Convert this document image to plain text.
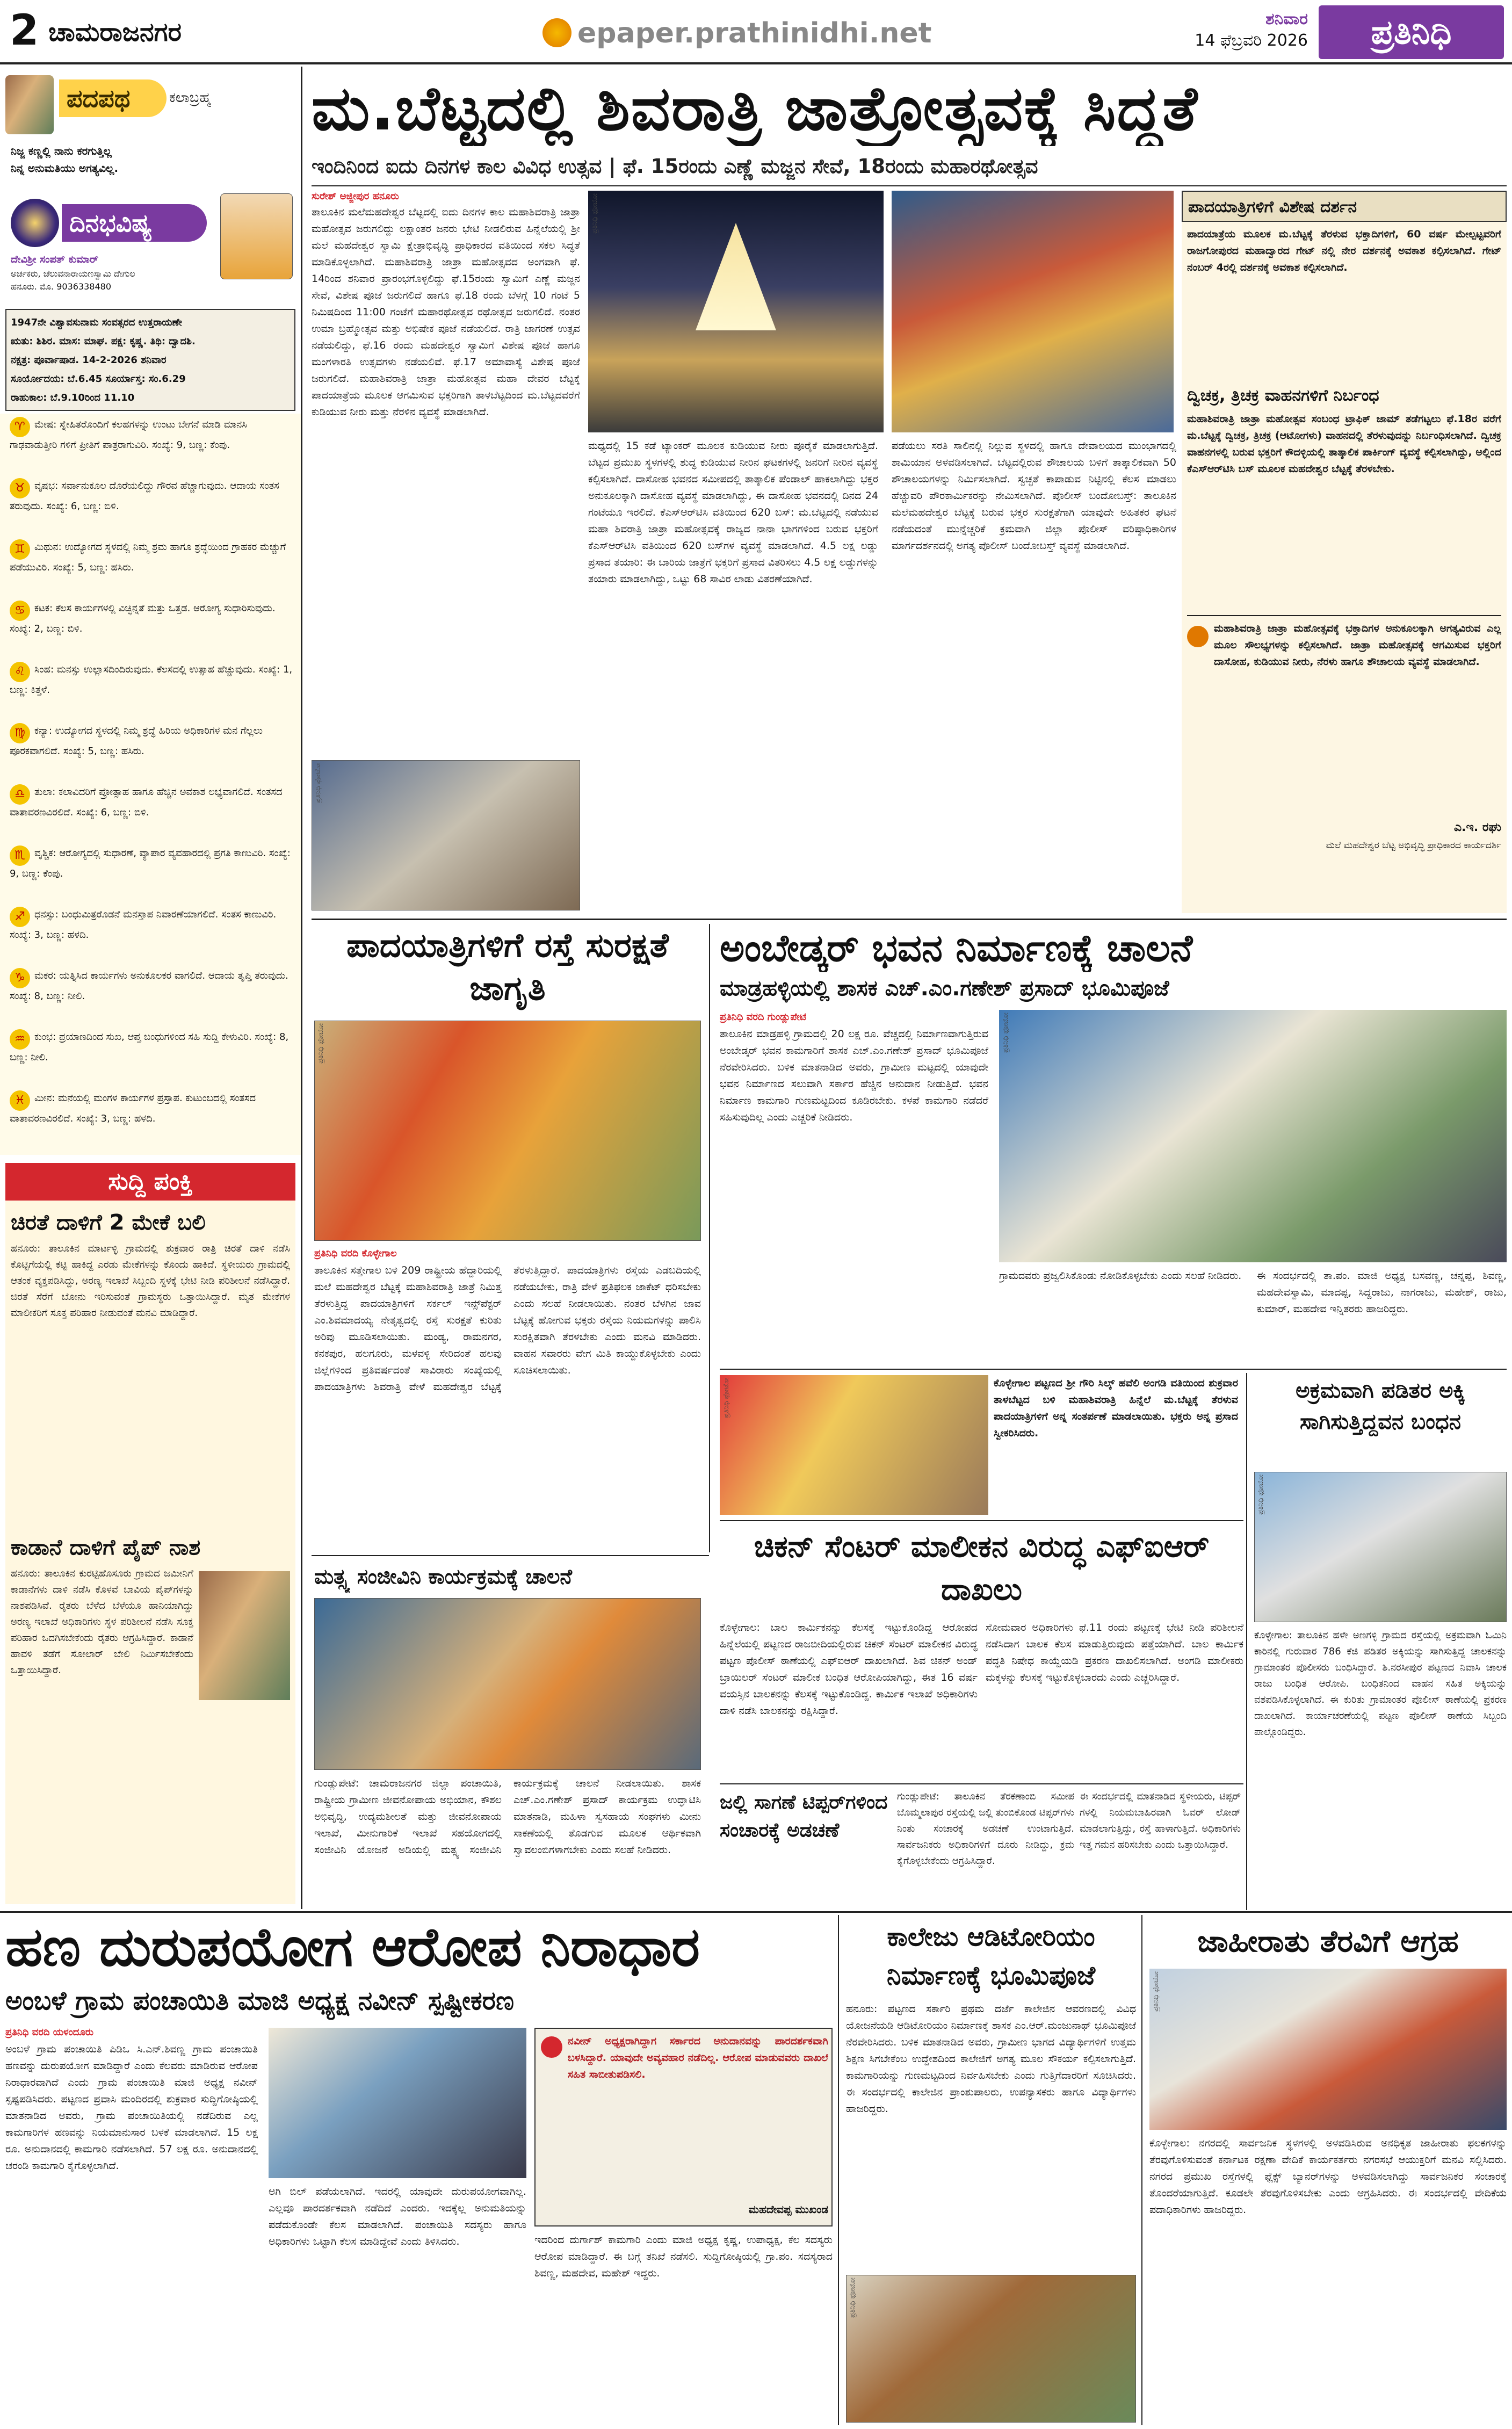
2 ಚಾಮರಾಜನಗರ	epaper.prathinidhi.net	ಶನಿವಾರ
14 ಫೆಬ್ರವರಿ 2026	ಪ್ರತಿನಿಧಿ
ಪದಪಥ	ಕಲಾಬ್ರಹ್ಮ
ನಿಜ್ಜ ಕಣ್ಣಲ್ಲಿ ನಾನು ಕರಗುತ್ತಿಲ್ಲ
ನಿನ್ನ ಅನುಮತಿಯು ಅಗತ್ಯವಿಲ್ಲ.
ದಿನಭವಿಷ್ಯ
ದೇವಿಶ್ರೀ ಸಂಪತ್ ಕುಮಾರ್
ಅರ್ಚಕರು, ಚೆಲುವನಾರಾಯಣಸ್ವಾಮಿ ದೇಗುಲ
ಹನೂರು. ಮೊ. 9036338480
1947ನೇ ವಿಶ್ವಾವಸುನಾಮ ಸಂವತ್ಸರದ ಉತ್ತರಾಯಣೇ
ಋತು: ಶಿಶಿರ. ಮಾಸ: ಮಾಘ. ಪಕ್ಷ: ಕೃಷ್ಣ. ತಿಥಿ: ದ್ವಾದಶಿ.
ನಕ್ಷತ್ರ: ಪೂರ್ವಾಷಾಡ. 14-2-2026 ಶನಿವಾರ
ಸೂರ್ಯೋದಯ: ಬೆ.6.45 ಸೂರ್ಯಾಸ್ತ: ಸಂ.6.29
ರಾಹುಕಾಲ: ಬೆ.9.10ರಿಂದ 11.10
♈ ಮೇಷ: ಸ್ನೇಹಿತರೊಂದಿಗೆ ಕಲಹಗಳನ್ನು ಉಂಟು ಬೇಗನೆ ಮಾಡಿ ಮಾನಸಿ ಗಾಢವಾಡುತ್ತೀರಿ ಗಳಿಗೆ ಪ್ರೀತಿಗೆ ಪಾತ್ರರಾಗುವಿರಿ. ಸಂಖ್ಯೆ: 9, ಬಣ್ಣ: ಕೆಂಪು.
♉ ವೃಷಭ: ಸರ್ವಾನುಕೂಲ ದೊರೆಯಲಿದ್ದು ಗೌರವ ಹೆಚ್ಚಾಗುವುದು. ಆದಾಯ ಸಂತಸ ತರುವುದು. ಸಂಖ್ಯೆ: 6, ಬಣ್ಣ: ಬಿಳಿ.
♊ ಮಿಥುನ: ಉದ್ಯೋಗದ ಸ್ಥಳದಲ್ಲಿ ನಿಮ್ಮ ಶ್ರಮ ಹಾಗೂ ಶ್ರದ್ಧೆಯಿಂದ ಗ್ರಾಹಕರ ಮೆಚ್ಚುಗೆ ಪಡೆಯುವಿರಿ. ಸಂಖ್ಯೆ: 5, ಬಣ್ಣ: ಹಸಿರು.
♋ ಕಟಕ: ಕೆಲಸ ಕಾರ್ಯಗಳಲ್ಲಿ ವಿಚ್ಛಿನ್ನತೆ ಮತ್ತು ಒತ್ತಡ. ಆರೋಗ್ಯ ಸುಧಾರಿಸುವುದು. ಸಂಖ್ಯೆ: 2, ಬಣ್ಣ: ಬಿಳಿ.
♌ ಸಿಂಹ: ಮನಸ್ಸು ಉಲ್ಲಾಸದಿಂದಿರುವುದು. ಕೆಲಸದಲ್ಲಿ ಉತ್ಸಾಹ ಹೆಚ್ಚುವುದು. ಸಂಖ್ಯೆ: 1, ಬಣ್ಣ: ಕಿತ್ತಳೆ.
♍ ಕನ್ಯಾ: ಉದ್ಯೋಗದ ಸ್ಥಳದಲ್ಲಿ ನಿಮ್ಮ ಶ್ರದ್ಧೆ ಹಿರಿಯ ಅಧಿಕಾರಿಗಳ ಮನ ಗೆಲ್ಲಲು ಪೂರಕವಾಗಲಿದೆ. ಸಂಖ್ಯೆ: 5, ಬಣ್ಣ: ಹಸಿರು.
♎ ತುಲಾ: ಕಲಾವಿದರಿಗೆ ಪ್ರೋತ್ಸಾಹ ಹಾಗೂ ಹೆಚ್ಚಿನ ಅವಕಾಶ ಲಭ್ಯವಾಗಲಿದೆ. ಸಂತಸದ ವಾತಾವರಣವಿರಲಿದೆ. ಸಂಖ್ಯೆ: 6, ಬಣ್ಣ: ಬಿಳಿ.
♏ ವೃಶ್ಚಿಕ: ಆರೋಗ್ಯದಲ್ಲಿ ಸುಧಾರಣೆ, ವ್ಯಾಪಾರ ವ್ಯವಹಾರದಲ್ಲಿ ಪ್ರಗತಿ ಕಾಣುವಿರಿ. ಸಂಖ್ಯೆ: 9, ಬಣ್ಣ: ಕೆಂಪು.
♐ ಧನಸ್ಸು: ಬಂಧುಮಿತ್ರರೊಡನೆ ಮನಸ್ತಾಪ ನಿವಾರಣೆಯಾಗಲಿದೆ. ಸಂತಸ ಕಾಣುವಿರಿ. ಸಂಖ್ಯೆ: 3, ಬಣ್ಣ: ಹಳದಿ.
♑ ಮಕರ: ಯತ್ನಿಸಿದ ಕಾರ್ಯಗಳು ಅನುಕೂಲಕರ ವಾಗಲಿದೆ. ಆದಾಯ ತೃಪ್ತಿ ತರುವುದು. ಸಂಖ್ಯೆ: 8, ಬಣ್ಣ: ನೀಲಿ.
♒ ಕುಂಭ: ಪ್ರಯಾಣದಿಂದ ಸುಖ, ಆಪ್ತ ಬಂಧುಗಳಿಂದ ಸಹಿ ಸುದ್ದಿ ಕೇಳುವಿರಿ. ಸಂಖ್ಯೆ: 8, ಬಣ್ಣ: ನೀಲಿ.
♓ ಮೀನ: ಮನೆಯಲ್ಲಿ ಮಂಗಳ ಕಾರ್ಯಗಳ ಪ್ರಸ್ತಾಪ. ಕುಟುಂಬದಲ್ಲಿ ಸಂತಸದ ವಾತಾವರಣವಿರಲಿದೆ. ಸಂಖ್ಯೆ: 3, ಬಣ್ಣ: ಹಳದಿ.
ಸುದ್ದಿ ಪಂಕ್ತಿ
ಚಿರತೆ ದಾಳಿಗೆ 2 ಮೇಕೆ ಬಲಿ
ಹನೂರು: ತಾಲೂಕಿನ ಮಾರ್ಟಳ್ಳಿ ಗ್ರಾಮದಲ್ಲಿ ಶುಕ್ರವಾರ ರಾತ್ರಿ ಚಿರತೆ ದಾಳಿ ನಡೆಸಿ ಕೊಟ್ಟಿಗೆಯಲ್ಲಿ ಕಟ್ಟಿ ಹಾಕಿದ್ದ ಎರಡು ಮೇಕೆಗಳನ್ನು ಕೊಂದು ಹಾಕಿದೆ. ಸ್ಥಳೀಯರು ಗ್ರಾಮದಲ್ಲಿ ಆತಂಕ ವ್ಯಕ್ತಪಡಿಸಿದ್ದು, ಅರಣ್ಯ ಇಲಾಖೆ ಸಿಬ್ಬಂದಿ ಸ್ಥಳಕ್ಕೆ ಭೇಟಿ ನೀಡಿ ಪರಿಶೀಲನೆ ನಡೆಸಿದ್ದಾರೆ. ಚಿರತೆ ಸೆರೆಗೆ ಬೋನು ಇರಿಸುವಂತೆ ಗ್ರಾಮಸ್ಥರು ಒತ್ತಾಯಿಸಿದ್ದಾರೆ. ಮೃತ ಮೇಕೆಗಳ ಮಾಲೀಕರಿಗೆ ಸೂಕ್ತ ಪರಿಹಾರ ನೀಡುವಂತೆ ಮನವಿ ಮಾಡಿದ್ದಾರೆ.
ಕಾಡಾನೆ ದಾಳಿಗೆ ಪೈಪ್ ನಾಶ
ಹನೂರು: ತಾಲೂಕಿನ ಕುರಟ್ಟಿಹೊಸೂರು ಗ್ರಾಮದ ಜಮೀನಿಗೆ ಕಾಡಾನೆಗಳು ದಾಳಿ ನಡೆಸಿ ಕೊಳವೆ ಬಾವಿಯ ಪೈಪ್‌ಗಳನ್ನು ನಾಶಪಡಿಸಿವೆ. ರೈತರು ಬೆಳೆದ ಬೆಳೆಯೂ ಹಾನಿಯಾಗಿದ್ದು ಅರಣ್ಯ ಇಲಾಖೆ ಅಧಿಕಾರಿಗಳು ಸ್ಥಳ ಪರಿಶೀಲನೆ ನಡೆಸಿ ಸೂಕ್ತ ಪರಿಹಾರ ಒದಗಿಸಬೇಕೆಂದು ರೈತರು ಆಗ್ರಹಿಸಿದ್ದಾರೆ. ಕಾಡಾನೆ ಹಾವಳಿ ತಡೆಗೆ ಸೋಲಾರ್ ಬೇಲಿ ನಿರ್ಮಿಸಬೇಕೆಂದು ಒತ್ತಾಯಿಸಿದ್ದಾರೆ.
ಮ.ಬೆಟ್ಟದಲ್ಲಿ ಶಿವರಾತ್ರಿ ಜಾತ್ರೋತ್ಸವಕ್ಕೆ ಸಿದ್ಧತೆ
ಇಂದಿನಿಂದ ಐದು ದಿನಗಳ ಕಾಲ ವಿವಿಧ ಉತ್ಸವ | ಫೆ. 15ರಂದು ಎಣ್ಣೆ ಮಜ್ಜನ ಸೇವೆ, 18ರಂದು ಮಹಾರಥೋತ್ಸವ
ಸುರೇಶ್ ಅಜ್ಜೀಪುರ ಹನೂರು
ತಾಲೂಕಿನ ಮಲೆಮಹದೇಶ್ವರ ಬೆಟ್ಟದಲ್ಲಿ ಐದು ದಿನಗಳ ಕಾಲ ಮಹಾಶಿವರಾತ್ರಿ ಜಾತ್ರಾ ಮಹೋತ್ಸವ ಜರುಗಲಿದ್ದು ಲಕ್ಷಾಂತರ ಜನರು ಭೇಟಿ ನೀಡಲಿರುವ ಹಿನ್ನೆಲೆಯಲ್ಲಿ ಶ್ರೀ ಮಲೆ ಮಹದೇಶ್ವರ ಸ್ವಾಮಿ ಕ್ಷೇತ್ರಾಭಿವೃದ್ಧಿ ಪ್ರಾಧಿಕಾರದ ವತಿಯಿಂದ ಸಕಲ ಸಿದ್ಧತೆ ಮಾಡಿಕೊಳ್ಳಲಾಗಿದೆ. ಮಹಾಶಿವರಾತ್ರಿ ಜಾತ್ರಾ ಮಹೋತ್ಸವದ ಅಂಗವಾಗಿ ಫೆ. 14ರಿಂದ ಶನಿವಾರ ಪ್ರಾರಂಭಗೊಳ್ಳಲಿದ್ದು ಫೆ.15ರಂದು ಸ್ವಾಮಿಗೆ ಎಣ್ಣೆ ಮಜ್ಜನ ಸೇವೆ, ವಿಶೇಷ ಪೂಜೆ ಜರುಗಲಿದೆ ಹಾಗೂ ಫೆ.18 ರಂದು ಬೆಳಗ್ಗೆ 10 ಗಂಟೆ 5 ನಿಮಿಷದಿಂದ 11:00 ಗಂಟೆಗೆ ಮಹಾರಥೋತ್ಸವ ರಥೋತ್ಸವ ಜರುಗಲಿದೆ. ನಂತರ ಉಮಾ ಬ್ರಹ್ಮೋತ್ಸವ ಮತ್ತು ಅಭಿಷೇಕ ಪೂಜೆ ನಡೆಯಲಿದೆ. ರಾತ್ರಿ ಜಾಗರಣೆ ಉತ್ಸವ ನಡೆಯಲಿದ್ದು, ಫೆ.16 ರಂದು ಮಹದೇಶ್ವರ ಸ್ವಾಮಿಗೆ ವಿಶೇಷ ಪೂಜೆ ಹಾಗೂ ಮಂಗಳಾರತಿ ಉತ್ಸವಗಳು ನಡೆಯಲಿವೆ. ಫೆ.17 ಅಮಾವಾಸ್ಯೆ ವಿಶೇಷ ಪೂಜೆ ಜರುಗಲಿದೆ. ಮಹಾಶಿವರಾತ್ರಿ ಜಾತ್ರಾ ಮಹೋತ್ಸವ ಮಹಾ ದೇವರ ಬೆಟ್ಟಕ್ಕೆ ಪಾದಯಾತ್ರೆಯ ಮೂಲಕ ಆಗಮಿಸುವ ಭಕ್ತರಿಗಾಗಿ ತಾಳಬೆಟ್ಟದಿಂದ ಮ.ಬೆಟ್ಟದವರೆಗೆ ಕುಡಿಯುವ ನೀರು ಮತ್ತು ನೆರಳಿನ ವ್ಯವಸ್ಥೆ ಮಾಡಲಾಗಿದೆ.
ಮಧ್ಯದಲ್ಲಿ 15 ಕಡೆ ಟ್ಯಾಂಕರ್ ಮೂಲಕ ಕುಡಿಯುವ ನೀರು ಪೂರೈಕೆ ಮಾಡಲಾಗುತ್ತಿದೆ. ಬೆಟ್ಟದ ಪ್ರಮುಖ ಸ್ಥಳಗಳಲ್ಲಿ ಶುದ್ಧ ಕುಡಿಯುವ ನೀರಿನ ಘಟಕಗಳಲ್ಲಿ ಜನರಿಗೆ ನೀರಿನ ವ್ಯವಸ್ಥೆ ಕಲ್ಪಿಸಲಾಗಿದೆ. ದಾಸೋಹ ಭವನದ ಸಮೀಪದಲ್ಲಿ ತಾತ್ಕಾಲಿಕ ಪೆಂಡಾಲ್ ಹಾಕಲಾಗಿದ್ದು ಭಕ್ತರ ಅನುಕೂಲಕ್ಕಾಗಿ ದಾಸೋಹ ವ್ಯವಸ್ಥೆ ಮಾಡಲಾಗಿದ್ದು, ಈ ದಾಸೋಹ ಭವನದಲ್ಲಿ ದಿನದ 24 ಗಂಟೆಯೂ ಇರಲಿದೆ. ಕೆಎಸ್‌ಆರ್‌ಟಿಸಿ ವತಿಯಿಂದ 620 ಬಸ್: ಮ.ಬೆಟ್ಟದಲ್ಲಿ ನಡೆಯುವ ಮಹಾ ಶಿವರಾತ್ರಿ ಜಾತ್ರಾ ಮಹೋತ್ಸವಕ್ಕೆ ರಾಜ್ಯದ ನಾನಾ ಭಾಗಗಳಿಂದ ಬರುವ ಭಕ್ತರಿಗೆ ಕೆಎಸ್‌ಆರ್‌ಟಿಸಿ ವತಿಯಿಂದ 620 ಬಸ್‌ಗಳ ವ್ಯವಸ್ಥೆ ಮಾಡಲಾಗಿದೆ. 4.5 ಲಕ್ಷ ಲಡ್ಡು ಪ್ರಸಾದ ತಯಾರಿ: ಈ ಬಾರಿಯ ಜಾತ್ರೆಗೆ ಭಕ್ತರಿಗೆ ಪ್ರಸಾದ ವಿತರಿಸಲು 4.5 ಲಕ್ಷ ಲಡ್ಡುಗಳನ್ನು ತಯಾರು ಮಾಡಲಾಗಿದ್ದು, ಒಟ್ಟು 68 ಸಾವಿರ ಲಾಡು ವಿತರಣೆಯಾಗಿದೆ.
ಪಡೆಯಲು ಸರತಿ ಸಾಲಿನಲ್ಲಿ ನಿಲ್ಲುವ ಸ್ಥಳದಲ್ಲಿ ಹಾಗೂ ದೇವಾಲಯದ ಮುಂಭಾಗದಲ್ಲಿ ಶಾಮಿಯಾನ ಅಳವಡಿಸಲಾಗಿದೆ. ಬೆಟ್ಟದಲ್ಲಿರುವ ಶೌಚಾಲಯ ಬಳಿಗೆ ತಾತ್ಕಾಲಿಕವಾಗಿ 50 ಶೌಚಾಲಯಗಳನ್ನು ನಿರ್ಮಿಸಲಾಗಿದೆ. ಸ್ವಚ್ಛತೆ ಕಾಪಾಡುವ ನಿಟ್ಟಿನಲ್ಲಿ ಕೆಲಸ ಮಾಡಲು ಹೆಚ್ಚುವರಿ ಪೌರಕಾರ್ಮಿಕರನ್ನು ನೇಮಿಸಲಾಗಿದೆ. ಪೊಲೀಸ್ ಬಂದೋಬಸ್ತ್: ತಾಲೂಕಿನ ಮಲೆಮಹದೇಶ್ವರ ಬೆಟ್ಟಕ್ಕೆ ಬರುವ ಭಕ್ತರ ಸುರಕ್ಷತೆಗಾಗಿ ಯಾವುದೇ ಅಹಿತಕರ ಘಟನೆ ನಡೆಯದಂತೆ ಮುನ್ನೆಚ್ಚರಿಕೆ ಕ್ರಮವಾಗಿ ಜಿಲ್ಲಾ ಪೊಲೀಸ್ ವರಿಷ್ಠಾಧಿಕಾರಿಗಳ ಮಾರ್ಗದರ್ಶನದಲ್ಲಿ ಅಗತ್ಯ ಪೊಲೀಸ್ ಬಂದೋಬಸ್ತ್ ವ್ಯವಸ್ಥೆ ಮಾಡಲಾಗಿದೆ.
ಪಾದಯಾತ್ರಿಗಳಿಗೆ ವಿಶೇಷ ದರ್ಶನ
ಪಾದಯಾತ್ರೆಯ ಮೂಲಕ ಮ.ಬೆಟ್ಟಕ್ಕೆ ತೆರಳುವ ಭಕ್ತಾದಿಗಳಿಗೆ, 60 ವರ್ಷ ಮೇಲ್ಪಟ್ಟವರಿಗೆ ರಾಜಗೋಪುರದ ಮಹಾದ್ವಾರದ ಗೇಟ್ ನಲ್ಲಿ ನೇರ ದರ್ಶನಕ್ಕೆ ಅವಕಾಶ ಕಲ್ಪಿಸಲಾಗಿದೆ. ಗೇಟ್ ನಂಬರ್ 4ರಲ್ಲಿ ದರ್ಶನಕ್ಕೆ ಅವಕಾಶ ಕಲ್ಪಿಸಲಾಗಿದೆ.
ದ್ವಿಚಕ್ರ, ತ್ರಿಚಕ್ರ ವಾಹನಗಳಿಗೆ ನಿರ್ಬಂಧ
ಮಹಾಶಿವರಾತ್ರಿ ಜಾತ್ರಾ ಮಹೋತ್ಸವ ಸಂಬಂಧ ಟ್ರಾಫಿಕ್ ಜಾಮ್ ತಡೆಗಟ್ಟಲು ಫೆ.18ರ ವರೆಗೆ ಮ.ಬೆಟ್ಟಕ್ಕೆ ದ್ವಿಚಕ್ರ, ತ್ರಿಚಕ್ರ (ಆಟೋಗಳು) ವಾಹನದಲ್ಲಿ ತೆರಳುವುದನ್ನು ನಿರ್ಬಂಧಿಸಲಾಗಿದೆ. ದ್ವಿಚಕ್ರ ವಾಹನಗಳಲ್ಲಿ ಬರುವ ಭಕ್ತರಿಗೆ ಕೌದಳ್ಳಿಯಲ್ಲಿ ತಾತ್ಕಾಲಿಕ ಪಾರ್ಕಿಂಗ್ ವ್ಯವಸ್ಥೆ ಕಲ್ಪಿಸಲಾಗಿದ್ದು, ಅಲ್ಲಿಂದ ಕೆಎಸ್‌ಆರ್‌ಟಿಸಿ ಬಸ್ ಮೂಲಕ ಮಹದೇಶ್ವರ ಬೆಟ್ಟಕ್ಕೆ ತೆರಳಬೇಕು.
ಮಹಾಶಿವರಾತ್ರಿ ಜಾತ್ರಾ ಮಹೋತ್ಸವಕ್ಕೆ ಭಕ್ತಾದಿಗಳ ಅನುಕೂಲಕ್ಕಾಗಿ ಅಗತ್ಯವಿರುವ ಎಲ್ಲ ಮೂಲ ಸೌಲಭ್ಯಗಳನ್ನು ಕಲ್ಪಿಸಲಾಗಿದೆ. ಜಾತ್ರಾ ಮಹೋತ್ಸವಕ್ಕೆ ಆಗಮಿಸುವ ಭಕ್ತರಿಗೆ ದಾಸೋಹ, ಕುಡಿಯುವ ನೀರು, ನೆರಳು ಹಾಗೂ ಶೌಚಾಲಯ ವ್ಯವಸ್ಥೆ ಮಾಡಲಾಗಿದೆ.
ಎ.ಇ. ರಘು
ಮಲೆ ಮಹದೇಶ್ವರ ಬೆಟ್ಟ ಅಭಿವೃದ್ಧಿ ಪ್ರಾಧಿಕಾರದ ಕಾರ್ಯದರ್ಶಿ
ಪಾದಯಾತ್ರಿಗಳಿಗೆ ರಸ್ತೆ ಸುರಕ್ಷತೆ ಜಾಗೃತಿ
ಪ್ರತಿನಿಧಿ ವರದಿ ಕೊಳ್ಳೇಗಾಲ
ತಾಲೂಕಿನ ಸತ್ತೇಗಾಲ ಬಳಿ 209 ರಾಷ್ಟ್ರೀಯ ಹೆದ್ದಾರಿಯಲ್ಲಿ ಮಲೆ ಮಹದೇಶ್ವರ ಬೆಟ್ಟಕ್ಕೆ ಮಹಾಶಿವರಾತ್ರಿ ಜಾತ್ರೆ ನಿಮಿತ್ತ ತೆರಳುತ್ತಿದ್ದ ಪಾದಯಾತ್ರಿಗಳಿಗೆ ಸರ್ಕಲ್ ಇನ್ಸ್‌ಪೆಕ್ಟರ್ ಎಂ.ಶಿವಮಾದಯ್ಯ ನೇತೃತ್ವದಲ್ಲಿ ರಸ್ತೆ ಸುರಕ್ಷತೆ ಕುರಿತು ಅರಿವು ಮೂಡಿಸಲಾಯಿತು. ಮಂಡ್ಯ, ರಾಮನಗರ, ಕನಕಪುರ, ಹಲಗೂರು, ಮಳವಳ್ಳಿ ಸೇರಿದಂತೆ ಹಲವು ಜಿಲ್ಲೆಗಳಿಂದ ಪ್ರತಿವರ್ಷದಂತೆ ಸಾವಿರಾರು ಸಂಖ್ಯೆಯಲ್ಲಿ ಪಾದಯಾತ್ರಿಗಳು ಶಿವರಾತ್ರಿ ವೇಳೆ ಮಹದೇಶ್ವರ ಬೆಟ್ಟಕ್ಕೆ ತೆರಳುತ್ತಿದ್ದಾರೆ. ಪಾದಯಾತ್ರಿಗಳು ರಸ್ತೆಯ ಎಡಬದಿಯಲ್ಲಿ ನಡೆಯಬೇಕು, ರಾತ್ರಿ ವೇಳೆ ಪ್ರತಿಫಲಕ ಜಾಕೆಟ್ ಧರಿಸಬೇಕು ಎಂದು ಸಲಹೆ ನೀಡಲಾಯಿತು. ನಂತರ ಬೆಳಗಿನ ಜಾವ ಬೆಟ್ಟಕ್ಕೆ ಹೋಗುವ ಭಕ್ತರು ರಸ್ತೆಯ ನಿಯಮಗಳನ್ನು ಪಾಲಿಸಿ ಸುರಕ್ಷಿತವಾಗಿ ತೆರಳಬೇಕು ಎಂದು ಮನವಿ ಮಾಡಿದರು. ವಾಹನ ಸವಾರರು ವೇಗ ಮಿತಿ ಕಾಯ್ದುಕೊಳ್ಳಬೇಕು ಎಂದು ಸೂಚಿಸಲಾಯಿತು.
ಮತ್ಸ್ಯ ಸಂಜೀವಿನಿ ಕಾರ್ಯಕ್ರಮಕ್ಕೆ ಚಾಲನೆ
ಗುಂಡ್ಲುಪೇಟೆ: ಚಾಮರಾಜನಗರ ಜಿಲ್ಲಾ ಪಂಚಾಯಿತಿ, ರಾಷ್ಟ್ರೀಯ ಗ್ರಾಮೀಣ ಜೀವನೋಪಾಯ ಅಭಿಯಾನ, ಕೌಶಲ ಅಭಿವೃದ್ಧಿ, ಉದ್ಯಮಶೀಲತೆ ಮತ್ತು ಜೀವನೋಪಾಯ ಇಲಾಖೆ, ಮೀನುಗಾರಿಕೆ ಇಲಾಖೆ ಸಹಯೋಗದಲ್ಲಿ ಸಂಜೀವಿನಿ ಯೋಜನೆ ಅಡಿಯಲ್ಲಿ ಮತ್ಸ್ಯ ಸಂಜೀವಿನಿ ಕಾರ್ಯಕ್ರಮಕ್ಕೆ ಚಾಲನೆ ನೀಡಲಾಯಿತು. ಶಾಸಕ ಎಚ್.ಎಂ.ಗಣೇಶ್ ಪ್ರಸಾದ್ ಕಾರ್ಯಕ್ರಮ ಉದ್ಘಾಟಿಸಿ ಮಾತನಾಡಿ, ಮಹಿಳಾ ಸ್ವಸಹಾಯ ಸಂಘಗಳು ಮೀನು ಸಾಕಣೆಯಲ್ಲಿ ತೊಡಗುವ ಮೂಲಕ ಆರ್ಥಿಕವಾಗಿ ಸ್ವಾವಲಂಬಿಗಳಾಗಬೇಕು ಎಂದು ಸಲಹೆ ನೀಡಿದರು.
ಅಂಬೇಡ್ಕರ್ ಭವನ ನಿರ್ಮಾಣಕ್ಕೆ ಚಾಲನೆ
ಮಾಡ್ರಹಳ್ಳಿಯಲ್ಲಿ ಶಾಸಕ ಎಚ್.ಎಂ.ಗಣೇಶ್ ಪ್ರಸಾದ್ ಭೂಮಿಪೂಜೆ
ಪ್ರತಿನಿಧಿ ವರದಿ ಗುಂಡ್ಲುಪೇಟೆ
ತಾಲೂಕಿನ ಮಾಡ್ರಹಳ್ಳಿ ಗ್ರಾಮದಲ್ಲಿ 20 ಲಕ್ಷ ರೂ. ವೆಚ್ಚದಲ್ಲಿ ನಿರ್ಮಾಣವಾಗುತ್ತಿರುವ ಅಂಬೇಡ್ಕರ್ ಭವನ ಕಾಮಗಾರಿಗೆ ಶಾಸಕ ಎಚ್.ಎಂ.ಗಣೇಶ್ ಪ್ರಸಾದ್ ಭೂಮಿಪೂಜೆ ನೆರವೇರಿಸಿದರು. ಬಳಿಕ ಮಾತನಾಡಿದ ಅವರು, ಗ್ರಾಮೀಣ ಮಟ್ಟದಲ್ಲಿ ಯಾವುದೇ ಭವನ ನಿರ್ಮಾಣದ ಸಲುವಾಗಿ ಸರ್ಕಾರ ಹೆಚ್ಚಿನ ಅನುದಾನ ನೀಡುತ್ತಿದೆ. ಭವನ ನಿರ್ಮಾಣ ಕಾಮಗಾರಿ ಗುಣಮಟ್ಟದಿಂದ ಕೂಡಿರಬೇಕು. ಕಳಪೆ ಕಾಮಗಾರಿ ನಡೆದರೆ ಸಹಿಸುವುದಿಲ್ಲ ಎಂದು ಎಚ್ಚರಿಕೆ ನೀಡಿದರು.
ಗ್ರಾಮದವರು ಪ್ರಜ್ವಲಿಸಿಕೊಂಡು ನೋಡಿಕೊಳ್ಳಬೇಕು ಎಂದು ಸಲಹೆ ನೀಡಿದರು.	ಈ ಸಂದರ್ಭದಲ್ಲಿ ತಾ.ಪಂ. ಮಾಜಿ ಅಧ್ಯಕ್ಷ ಬಸವಣ್ಣ, ಚನ್ನಪ್ಪ, ಶಿವಣ್ಣ, ಮಹದೇವಸ್ವಾಮಿ, ಮಾದಪ್ಪ, ಸಿದ್ದರಾಜು, ನಾಗರಾಜು, ಮಹೇಶ್, ರಾಜು, ಕುಮಾರ್, ಮಹದೇವ ಇನ್ನಿತರರು ಹಾಜರಿದ್ದರು.
ಕೊಳ್ಳೇಗಾಲ ಪಟ್ಟಣದ ಶ್ರೀ ಗೌರಿ ಸಿಲ್ಕ್ ಹವೆಲಿ ಅಂಗಡಿ ವತಿಯಿಂದ ಶುಕ್ರವಾರ ತಾಳಬೆಟ್ಟದ ಬಳಿ ಮಹಾಶಿವರಾತ್ರಿ ಹಿನ್ನೆಲೆ ಮ.ಬೆಟ್ಟಕ್ಕೆ ತೆರಳುವ ಪಾದಯಾತ್ರಿಗಳಿಗೆ ಅನ್ನ ಸಂತರ್ಪಣೆ ಮಾಡಲಾಯಿತು. ಭಕ್ತರು ಅನ್ನ ಪ್ರಸಾದ ಸ್ವೀಕರಿಸಿದರು.
ಅಕ್ರಮವಾಗಿ ಪಡಿತರ ಅಕ್ಕಿ ಸಾಗಿಸುತ್ತಿದ್ದವನ ಬಂಧನ
ಕೊಳ್ಳೇಗಾಲ: ತಾಲೂಕಿನ ಹಳೇ ಅಣಗಳ್ಳಿ ಗ್ರಾಮದ ರಸ್ತೆಯಲ್ಲಿ ಅಕ್ರಮವಾಗಿ ಓಮಿನಿ ಕಾರಿನಲ್ಲಿ ಗುರುವಾರ 786 ಕೆಜಿ ಪಡಿತರ ಅಕ್ಕಿಯನ್ನು ಸಾಗಿಸುತ್ತಿದ್ದ ಚಾಲಕನನ್ನು ಗ್ರಾಮಾಂತರ ಪೊಲೀಸರು ಬಂಧಿಸಿದ್ದಾರೆ. ಶಿ.ನರಸೀಪುರ ಪಟ್ಟಣದ ನಿವಾಸಿ ಚಾಲಕ ರಾಜು ಬಂಧಿತ ಆರೋಪಿ. ಬಂಧಿತನಿಂದ ವಾಹನ ಸಹಿತ ಅಕ್ಕಿಯನ್ನು ವಶಪಡಿಸಿಕೊಳ್ಳಲಾಗಿದೆ. ಈ ಕುರಿತು ಗ್ರಾಮಾಂತರ ಪೊಲೀಸ್ ಠಾಣೆಯಲ್ಲಿ ಪ್ರಕರಣ ದಾಖಲಾಗಿದೆ. ಕಾರ್ಯಾಚರಣೆಯಲ್ಲಿ ಪಟ್ಟಣ ಪೊಲೀಸ್ ಠಾಣೆಯ ಸಿಬ್ಬಂದಿ ಪಾಲ್ಗೊಂಡಿದ್ದರು.
ಚಿಕನ್ ಸೆಂಟರ್ ಮಾಲೀಕನ ವಿರುದ್ಧ ಎಫ್‌ಐಆರ್ ದಾಖಲು
ಕೊಳ್ಳೇಗಾಲ: ಬಾಲ ಕಾರ್ಮಿಕನನ್ನು ಕೆಲಸಕ್ಕೆ ಇಟ್ಟುಕೊಂಡಿದ್ದ ಆರೋಪದ ಹಿನ್ನೆಲೆಯಲ್ಲಿ ಪಟ್ಟಣದ ರಾಜಬೀದಿಯಲ್ಲಿರುವ ಚಿಕನ್ ಸೆಂಟರ್ ಮಾಲೀಕನ ವಿರುದ್ಧ ಪಟ್ಟಣ ಪೊಲೀಸ್ ಠಾಣೆಯಲ್ಲಿ ಎಫ್‌ಐಆರ್ ದಾಖಲಾಗಿದೆ. ಶಿವ ಚಿಕನ್ ಅಂಡ್ ಬ್ರಾಯಿಲರ್ ಸೆಂಟರ್ ಮಾಲೀಕ ಬಂಧಿತ ಆರೋಪಿಯಾಗಿದ್ದು, ಈತ 16 ವರ್ಷ ವಯಸ್ಸಿನ ಬಾಲಕನನ್ನು ಕೆಲಸಕ್ಕೆ ಇಟ್ಟುಕೊಂಡಿದ್ದ. ಕಾರ್ಮಿಕ ಇಲಾಖೆ ಅಧಿಕಾರಿಗಳು ದಾಳಿ ನಡೆಸಿ ಬಾಲಕನನ್ನು ರಕ್ಷಿಸಿದ್ದಾರೆ.
ಸೋಮವಾರ ಅಧಿಕಾರಿಗಳು ಫೆ.11 ರಂದು ಪಟ್ಟಣಕ್ಕೆ ಭೇಟಿ ನೀಡಿ ಪರಿಶೀಲನೆ ನಡೆಸಿದಾಗ ಬಾಲಕ ಕೆಲಸ ಮಾಡುತ್ತಿರುವುದು ಪತ್ತೆಯಾಗಿದೆ. ಬಾಲ ಕಾರ್ಮಿಕ ಪದ್ಧತಿ ನಿಷೇಧ ಕಾಯ್ದೆಯಡಿ ಪ್ರಕರಣ ದಾಖಲಿಸಲಾಗಿದೆ. ಅಂಗಡಿ ಮಾಲೀಕರು ಮಕ್ಕಳನ್ನು ಕೆಲಸಕ್ಕೆ ಇಟ್ಟುಕೊಳ್ಳಬಾರದು ಎಂದು ಎಚ್ಚರಿಸಿದ್ದಾರೆ.
ಜಲ್ಲಿ ಸಾಗಣೆ ಟಿಪ್ಪರ್‌ಗಳಿಂದ ಸಂಚಾರಕ್ಕೆ ಅಡಚಣೆ
ಗುಂಡ್ಲುಪೇಟೆ: ತಾಲೂಕಿನ ತೆರಕಣಾಂಬಿ ಸಮೀಪ ಬೊಮ್ಮಲಾಪುರ ರಸ್ತೆಯಲ್ಲಿ ಜಲ್ಲಿ ತುಂಬಿಕೊಂಡ ಟಿಪ್ಪರ್‌ಗಳು ನಿಂತು ಸಂಚಾರಕ್ಕೆ ಅಡಚಣೆ ಉಂಟಾಗುತ್ತಿದೆ. ಸಾರ್ವಜನಿಕರು ಅಧಿಕಾರಿಗಳಿಗೆ ದೂರು ನೀಡಿದ್ದು, ಕ್ರಮ ಕೈಗೊಳ್ಳಬೇಕೆಂದು ಆಗ್ರಹಿಸಿದ್ದಾರೆ.
ಈ ಸಂದರ್ಭದಲ್ಲಿ ಮಾತನಾಡಿದ ಸ್ಥಳೀಯರು, ಟಿಪ್ಪರ್ ಗಳಲ್ಲಿ ನಿಯಮಬಾಹಿರವಾಗಿ ಓವರ್ ಲೋಡ್ ಮಾಡಲಾಗುತ್ತಿದ್ದು, ರಸ್ತೆ ಹಾಳಾಗುತ್ತಿದೆ. ಅಧಿಕಾರಿಗಳು ಇತ್ತ ಗಮನ ಹರಿಸಬೇಕು ಎಂದು ಒತ್ತಾಯಿಸಿದ್ದಾರೆ.
ಹಣ ದುರುಪಯೋಗ ಆರೋಪ ನಿರಾಧಾರ
ಅಂಬಳೆ ಗ್ರಾಮ ಪಂಚಾಯಿತಿ ಮಾಜಿ ಅಧ್ಯಕ್ಷ ನವೀನ್ ಸ್ಪಷ್ಟೀಕರಣ
ಪ್ರತಿನಿಧಿ ವರದಿ ಯಳಂದೂರು
ಅಂಬಳೆ ಗ್ರಾಮ ಪಂಚಾಯಿತಿ ಪಿಡಿಒ ಸಿ.ಎನ್.ಶಿವಣ್ಣ ಗ್ರಾಮ ಪಂಚಾಯಿತಿ ಹಣವನ್ನು ದುರುಪಯೋಗ ಮಾಡಿದ್ದಾರೆ ಎಂದು ಕೆಲವರು ಮಾಡಿರುವ ಆರೋಪ ನಿರಾಧಾರವಾಗಿದೆ ಎಂದು ಗ್ರಾಮ ಪಂಚಾಯಿತಿ ಮಾಜಿ ಅಧ್ಯಕ್ಷ ನವೀನ್ ಸ್ಪಷ್ಟಪಡಿಸಿದರು. ಪಟ್ಟಣದ ಪ್ರವಾಸಿ ಮಂದಿರದಲ್ಲಿ ಶುಕ್ರವಾರ ಸುದ್ದಿಗೋಷ್ಠಿಯಲ್ಲಿ ಮಾತನಾಡಿದ ಅವರು, ಗ್ರಾಮ ಪಂಚಾಯಿತಿಯಲ್ಲಿ ನಡೆದಿರುವ ಎಲ್ಲ ಕಾಮಗಾರಿಗಳ ಹಣವನ್ನು ನಿಯಮಾನುಸಾರ ಬಳಕೆ ಮಾಡಲಾಗಿದೆ. 15 ಲಕ್ಷ ರೂ. ಅನುದಾನದಲ್ಲಿ ಕಾಮಗಾರಿ ನಡೆಸಲಾಗಿದೆ. 57 ಲಕ್ಷ ರೂ. ಅನುದಾನದಲ್ಲಿ ಚರಂಡಿ ಕಾಮಗಾರಿ ಕೈಗೊಳ್ಳಲಾಗಿದೆ.
ಅಗಿ ಬಿಲ್ ಪಡೆಯಲಾಗಿದೆ. ಇದರಲ್ಲಿ ಯಾವುದೇ ದುರುಪಯೋಗವಾಗಿಲ್ಲ. ಎಲ್ಲವೂ ಪಾರದರ್ಶಕವಾಗಿ ನಡೆದಿದೆ ಎಂದರು. ಇದಕ್ಕೆಲ್ಲ ಅನುಮತಿಯನ್ನು ಪಡೆದುಕೊಂಡೇ ಕೆಲಸ ಮಾಡಲಾಗಿದೆ. ಪಂಚಾಯಿತಿ ಸದಸ್ಯರು ಹಾಗೂ ಅಧಿಕಾರಿಗಳು ಒಟ್ಟಾಗಿ ಕೆಲಸ ಮಾಡಿದ್ದೇವೆ ಎಂದು ತಿಳಿಸಿದರು.
ನವೀನ್ ಅಧ್ಯಕ್ಷರಾಗಿದ್ದಾಗ ಸರ್ಕಾರದ ಅನುದಾನವನ್ನು ಪಾರದರ್ಶಕವಾಗಿ ಬಳಸಿದ್ದಾರೆ. ಯಾವುದೇ ಅವ್ಯವಹಾರ ನಡೆದಿಲ್ಲ. ಆರೋಪ ಮಾಡುವವರು ದಾಖಲೆ ಸಹಿತ ಸಾಬೀತುಪಡಿಸಲಿ.
ಮಹದೇವಪ್ಪ ಮುಖಂಡ
ಇದರಿಂದ ದುರ್ಗಾಶ್ ಕಾಮಗಾರಿ ಎಂದು ಮಾಜಿ ಅಧ್ಯಕ್ಷ ಕೃಷ್ಣ, ಉಪಾಧ್ಯಕ್ಷ, ಕೆಲ ಸದಸ್ಯರು ಆರೋಪ ಮಾಡಿದ್ದಾರೆ. ಈ ಬಗ್ಗೆ ತನಿಖೆ ನಡೆಸಲಿ. ಸುದ್ದಿಗೋಷ್ಠಿಯಲ್ಲಿ ಗ್ರಾ.ಪಂ. ಸದಸ್ಯರಾದ ಶಿವಣ್ಣ, ಮಹದೇವ, ಮಹೇಶ್ ಇದ್ದರು.
ಕಾಲೇಜು ಆಡಿಟೋರಿಯಂ ನಿರ್ಮಾಣಕ್ಕೆ ಭೂಮಿಪೂಜೆ
ಹನೂರು: ಪಟ್ಟಣದ ಸರ್ಕಾರಿ ಪ್ರಥಮ ದರ್ಜೆ ಕಾಲೇಜಿನ ಆವರಣದಲ್ಲಿ ವಿವಿಧ ಯೋಜನೆಯಡಿ ಆಡಿಟೋರಿಯಂ ನಿರ್ಮಾಣಕ್ಕೆ ಶಾಸಕ ಎಂ.ಆರ್.ಮಂಜುನಾಥ್ ಭೂಮಿಪೂಜೆ ನೆರವೇರಿಸಿದರು. ಬಳಿಕ ಮಾತನಾಡಿದ ಅವರು, ಗ್ರಾಮೀಣ ಭಾಗದ ವಿದ್ಯಾರ್ಥಿಗಳಿಗೆ ಉತ್ತಮ ಶಿಕ್ಷಣ ಸಿಗಬೇಕೆಂಬ ಉದ್ದೇಶದಿಂದ ಕಾಲೇಜಿಗೆ ಅಗತ್ಯ ಮೂಲ ಸೌಕರ್ಯ ಕಲ್ಪಿಸಲಾಗುತ್ತಿದೆ. ಕಾಮಗಾರಿಯನ್ನು ಗುಣಮಟ್ಟದಿಂದ ನಿರ್ವಹಿಸಬೇಕು ಎಂದು ಗುತ್ತಿಗೆದಾರರಿಗೆ ಸೂಚಿಸಿದರು. ಈ ಸಂದರ್ಭದಲ್ಲಿ ಕಾಲೇಜಿನ ಪ್ರಾಂಶುಪಾಲರು, ಉಪನ್ಯಾಸಕರು ಹಾಗೂ ವಿದ್ಯಾರ್ಥಿಗಳು ಹಾಜರಿದ್ದರು.
ಜಾಹೀರಾತು ತೆರವಿಗೆ ಆಗ್ರಹ
ಕೊಳ್ಳೇಗಾಲ: ನಗರದಲ್ಲಿ ಸಾರ್ವಜನಿಕ ಸ್ಥಳಗಳಲ್ಲಿ ಅಳವಡಿಸಿರುವ ಅನಧಿಕೃತ ಜಾಹೀರಾತು ಫಲಕಗಳನ್ನು ತೆರವುಗೊಳಿಸುವಂತೆ ಕರ್ನಾಟಕ ರಕ್ಷಣಾ ವೇದಿಕೆ ಕಾರ್ಯಕರ್ತರು ನಗರಸಭೆ ಆಯುಕ್ತರಿಗೆ ಮನವಿ ಸಲ್ಲಿಸಿದರು. ನಗರದ ಪ್ರಮುಖ ರಸ್ತೆಗಳಲ್ಲಿ ಫ್ಲೆಕ್ಸ್ ಬ್ಯಾನರ್‌ಗಳನ್ನು ಅಳವಡಿಸಲಾಗಿದ್ದು ಸಾರ್ವಜನಿಕರ ಸಂಚಾರಕ್ಕೆ ತೊಂದರೆಯಾಗುತ್ತಿದೆ. ಕೂಡಲೇ ತೆರವುಗೊಳಿಸಬೇಕು ಎಂದು ಆಗ್ರಹಿಸಿದರು. ಈ ಸಂದರ್ಭದಲ್ಲಿ ವೇದಿಕೆಯ ಪದಾಧಿಕಾರಿಗಳು ಹಾಜರಿದ್ದರು.
ಪ್ರತಿನಿಧಿ ಫೋಟೋ
ಪ್ರತಿನಿಧಿ ಫೋಟೋ
ಪ್ರತಿನಿಧಿ ಫೋಟೋ	ಪ್ರತಿನಿಧಿ ಫೋಟೋ
ಪ್ರತಿನಿಧಿ ಫೋಟೋ
ಪ್ರತಿನಿಧಿ ಫೋಟೋ
ಪ್ರತಿನಿಧಿ ಫೋಟೋ
ಪ್ರತಿನಿಧಿ ಫೋಟೋ
